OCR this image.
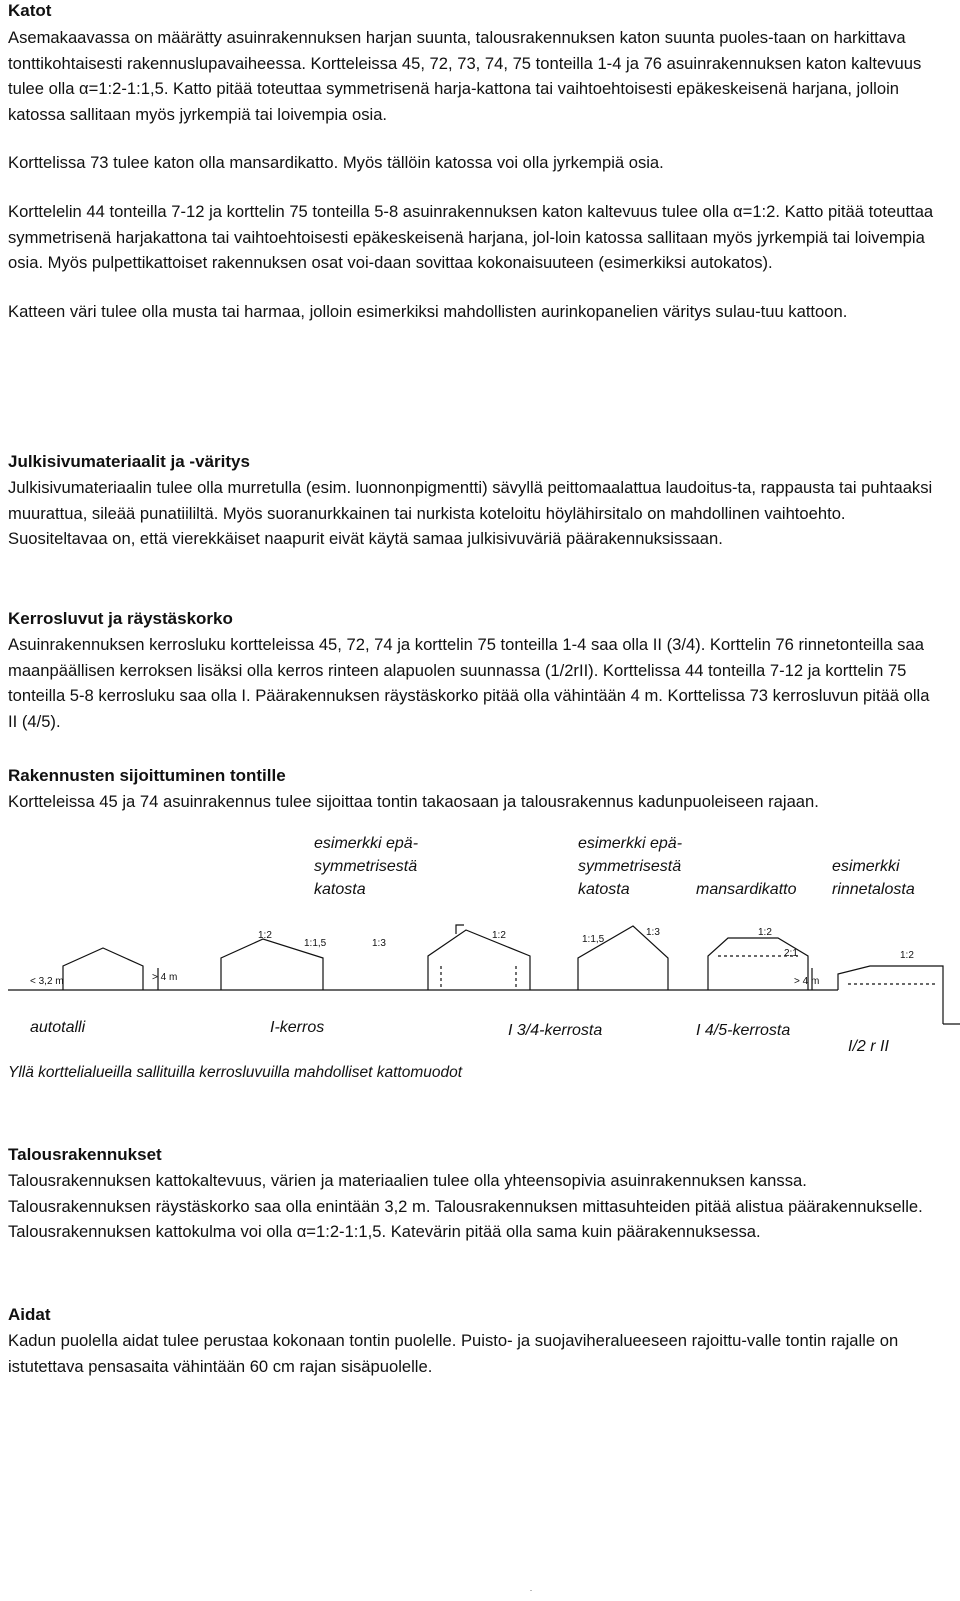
Katot

Asemakaavassa on määrätty asuinrakennuksen harjan suunta, talousrakennuksen katon suunta puoles-taan on harkittava tonttikohtaisesti rakennuslupavaiheessa. Kortteleissa 45, 72, 73, 74, 75 tonteilla 1-4 ja 76 asuinrakennuksen katon kaltevuus tulee olla α=1:2-1:1,5. Katto pitää toteuttaa symmetrisenä harja-kattona tai vaihtoehtoisesti epäkeskeisenä harjana, jolloin katossa sallitaan myös jyrkempiä tai loivempia osia.

Korttelissa 73 tulee katon olla mansardikatto. Myös tällöin katossa voi olla jyrkempiä osia.

Korttelelin 44 tonteilla 7-12 ja korttelin 75 tonteilla 5-8 asuinrakennuksen katon kaltevuus tulee olla α=1:2. Katto pitää toteuttaa symmetrisenä harjakattona tai vaihtoehtoisesti epäkeskeisenä harjana, jol-loin katossa sallitaan myös jyrkempiä tai loivempia osia. Myös pulpettikattoiset rakennuksen osat voi-daan sovittaa kokonaisuuteen (esimerkiksi autokatos).

Katteen väri tulee olla musta tai harmaa, jolloin esimerkiksi mahdollisten aurinkopanelien väritys sulau-tuu kattoon.

Julkisivumateriaalit ja -väritys

Julkisivumateriaalin tulee olla murretulla (esim. luonnonpigmentti) sävyllä peittomaalattua laudoitus-ta, rappausta tai puhtaaksi muurattua, sileää punatiililtä. Myös suoranurkkainen tai nurkista koteloitu höylähirsitalo on mahdollinen vaihtoehto. Suositeltavaa on, että vierekkäiset naapurit eivät käytä samaa julkisivuväriä päärakennuksissaan.

Kerrosluvut ja räystäskorko

Asuinrakennuksen kerrosluku kortteleissa 45, 72, 74 ja korttelin 75 tonteilla 1-4 saa olla II (3/4). Korttelin 76 rinnetonteilla saa maanpäällisen kerroksen lisäksi olla kerros rinteen alapuolen suunnassa (1/2rII). Korttelissa 44 tonteilla 7-12 ja korttelin 75 tonteilla 5-8 kerrosluku saa olla I. Päärakennuksen räystäskorko pitää olla vähintään 4 m. Korttelissa 73 kerrosluvun pitää olla II (4/5).

Rakennusten sijoittuminen tontille

Kortteleissa 45 ja 74 asuinrakennus tulee sijoittaa tontin takaosaan ja talousrakennus kadunpuoleiseen rajaan.

esimerkki epä-
symmetrisestä
katosta
esimerkki epä-
symmetrisestä
katosta	mansardikatto
esimerkki
rinnetalosta
1:2
1:1,5	1:3
1:2	1:1,5
1:3	1:2
2:1	1:2
< 3,2 m	> 4 m	> 4 m
autotalli	I-kerros	I 3/4-kerrosta	I 4/5-kerrosta
I/2 r II
Yllä korttelialueilla sallituilla kerrosluvuilla mahdolliset kattomuodot
Talousrakennukset

Talousrakennuksen kattokaltevuus, värien ja materiaalien tulee olla yhteensopivia asuinrakennuksen kanssa. Talousrakennuksen räystäskorko saa olla enintään 3,2 m. Talousrakennuksen mittasuhteiden pitää alistua päärakennukselle. Talousrakennuksen kattokulma voi olla α=1:2-1:1,5. Katevärin pitää olla sama kuin päärakennuksessa.

Aidat

Kadun puolella aidat tulee perustaa kokonaan tontin puolelle. Puisto- ja suojaviheralueeseen rajoittu-valle tontin rajalle on istutettava pensasaita vähintään 60 cm rajan sisäpuolelle.
